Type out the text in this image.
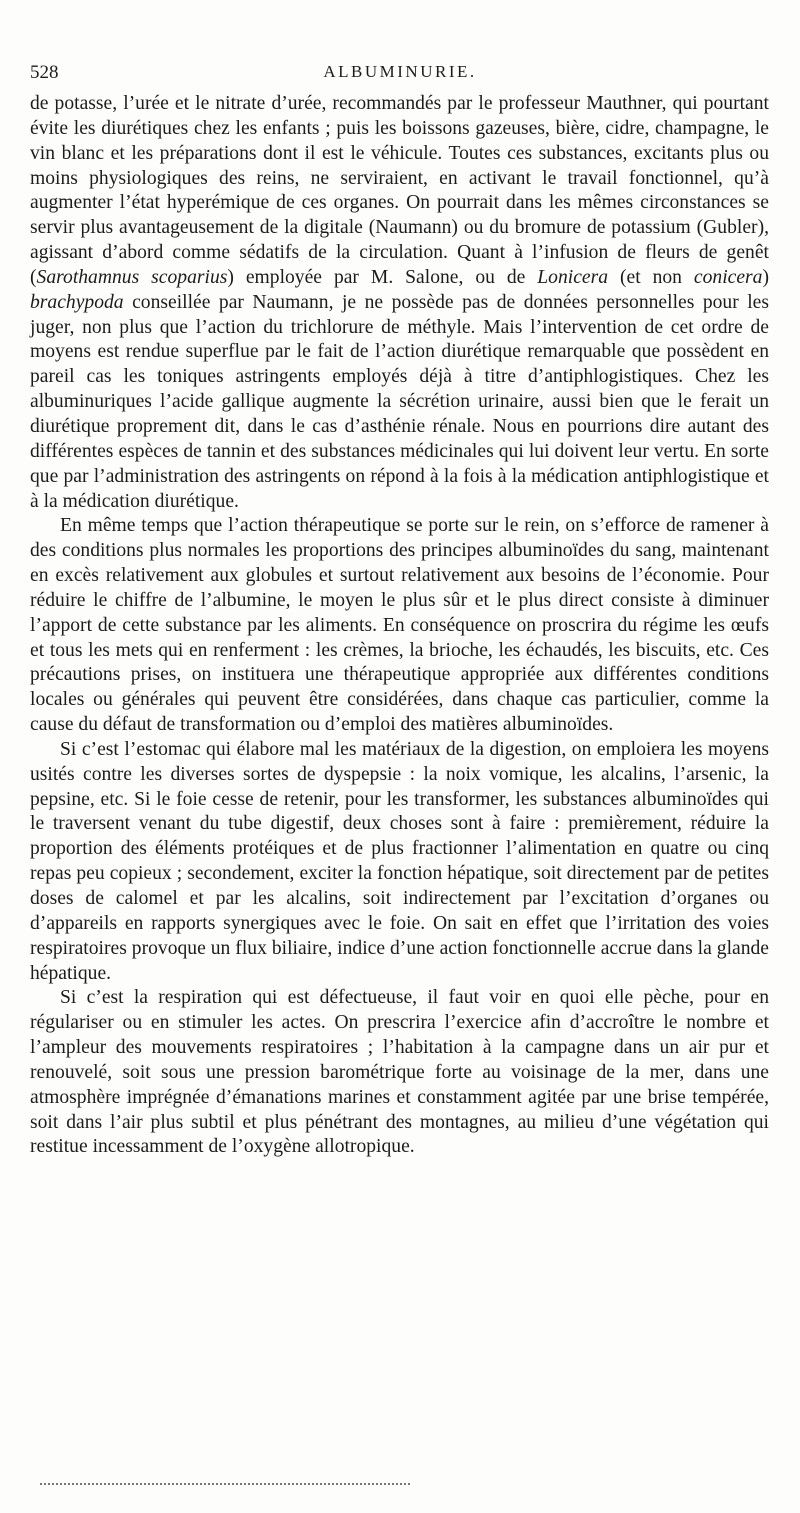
528	ALBUMINURIE.

de potasse, l’urée et le nitrate d’urée, recommandés par le professeur Mauthner, qui pourtant évite les diurétiques chez les enfants ; puis les boissons gazeuses, bière, cidre, champagne, le vin blanc et les préparations dont il est le véhicule. Toutes ces substances, excitants plus ou moins physiologiques des reins, ne serviraient, en activant le travail fonctionnel, qu’à augmenter l’état hyperémique de ces organes. On pourrait dans les mêmes circonstances se servir plus avantageusement de la digitale (Naumann) ou du bromure de potassium (Gubler), agissant d’abord comme sédatifs de la circulation. Quant à l’infusion de fleurs de genêt (Sarothamnus scoparius) employée par M. Salone, ou de Lonicera (et non conicera) brachypoda conseillée par Naumann, je ne possède pas de données personnelles pour les juger, non plus que l’action du trichlorure de méthyle. Mais l’intervention de cet ordre de moyens est rendue superflue par le fait de l’action diurétique remarquable que possèdent en pareil cas les toniques astringents employés déjà à titre d’antiphlogistiques. Chez les albuminuriques l’acide gallique augmente la sécrétion urinaire, aussi bien que le ferait un diurétique proprement dit, dans le cas d’asthénie rénale. Nous en pourrions dire autant des différentes espèces de tannin et des substances médicinales qui lui doivent leur vertu. En sorte que par l’administration des astringents on répond à la fois à la médication antiphlogistique et à la médication diurétique.

En même temps que l’action thérapeutique se porte sur le rein, on s’efforce de ramener à des conditions plus normales les proportions des principes albuminoïdes du sang, maintenant en excès relativement aux globules et surtout relativement aux besoins de l’économie. Pour réduire le chiffre de l’albumine, le moyen le plus sûr et le plus direct consiste à diminuer l’apport de cette substance par les aliments. En conséquence on proscrira du régime les œufs et tous les mets qui en renferment : les crèmes, la brioche, les échaudés, les biscuits, etc. Ces précautions prises, on instituera une thérapeutique appropriée aux différentes conditions locales ou générales qui peuvent être considérées, dans chaque cas particulier, comme la cause du défaut de transformation ou d’emploi des matières albuminoïdes.

Si c’est l’estomac qui élabore mal les matériaux de la digestion, on emploiera les moyens usités contre les diverses sortes de dyspepsie : la noix vomique, les alcalins, l’arsenic, la pepsine, etc. Si le foie cesse de retenir, pour les transformer, les substances albuminoïdes qui le traversent venant du tube digestif, deux choses sont à faire : premièrement, réduire la proportion des éléments protéiques et de plus fractionner l’alimentation en quatre ou cinq repas peu copieux ; secondement, exciter la fonction hépatique, soit directement par de petites doses de calomel et par les alcalins, soit indirectement par l’excitation d’organes ou d’appareils en rapports synergiques avec le foie. On sait en effet que l’irritation des voies respiratoires provoque un flux biliaire, indice d’une action fonctionnelle accrue dans la glande hépatique.

Si c’est la respiration qui est défectueuse, il faut voir en quoi elle pèche, pour en régulariser ou en stimuler les actes. On prescrira l’exercice afin d’accroître le nombre et l’ampleur des mouvements respiratoires ; l’habitation à la campagne dans un air pur et renouvelé, soit sous une pression barométrique forte au voisinage de la mer, dans une atmosphère imprégnée d’émanations marines et constamment agitée par une brise tempérée, soit dans l’air plus subtil et plus pénétrant des montagnes, au milieu d’une végétation qui restitue incessamment de l’oxygène allotropique.
